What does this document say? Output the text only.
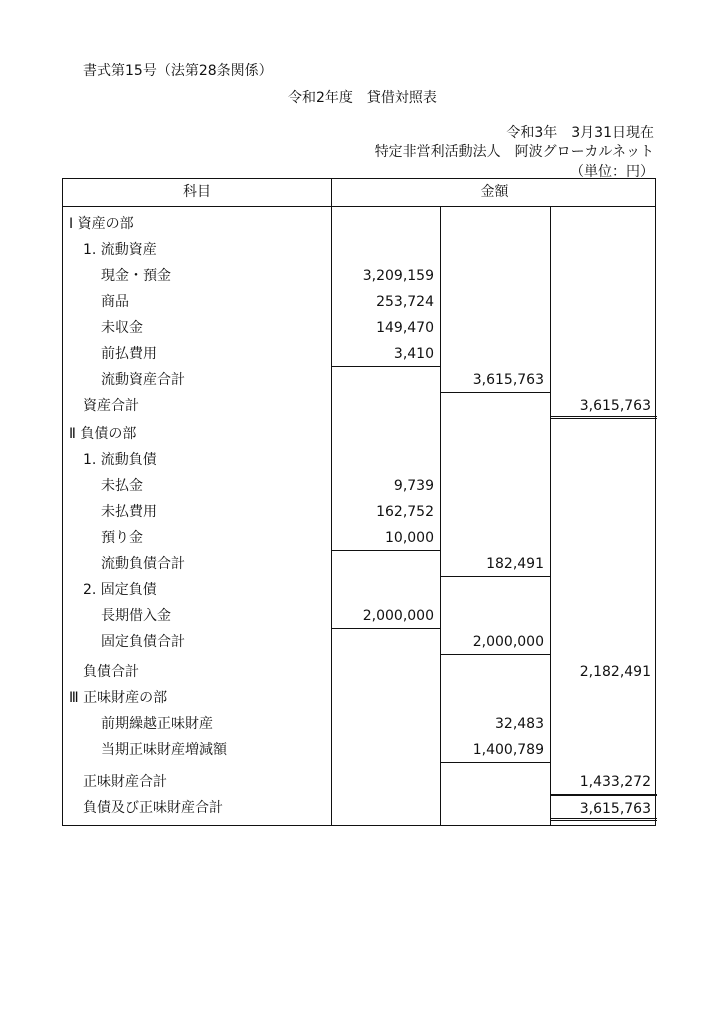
書式第15号（法第28条関係）
令和2年度　貸借対照表
令和3年　3月31日現在
特定非営利活動法人　阿波グローカルネット
（単位：円）
科目	金額
Ⅰ 資産の部
1. 流動資産
現金・預金	3,209,159
商品	253,724
未収金	149,470
前払費用	3,410
流動資産合計	3,615,763
資産合計	3,615,763
Ⅱ 負債の部
1. 流動負債
未払金	9,739
未払費用	162,752
預り金	10,000
流動負債合計	182,491
2. 固定負債
長期借入金	2,000,000
固定負債合計	2,000,000
負債合計	2,182,491
Ⅲ 正味財産の部
前期繰越正味財産	32,483
当期正味財産増減額	1,400,789
正味財産合計	1,433,272
負債及び正味財産合計	3,615,763
